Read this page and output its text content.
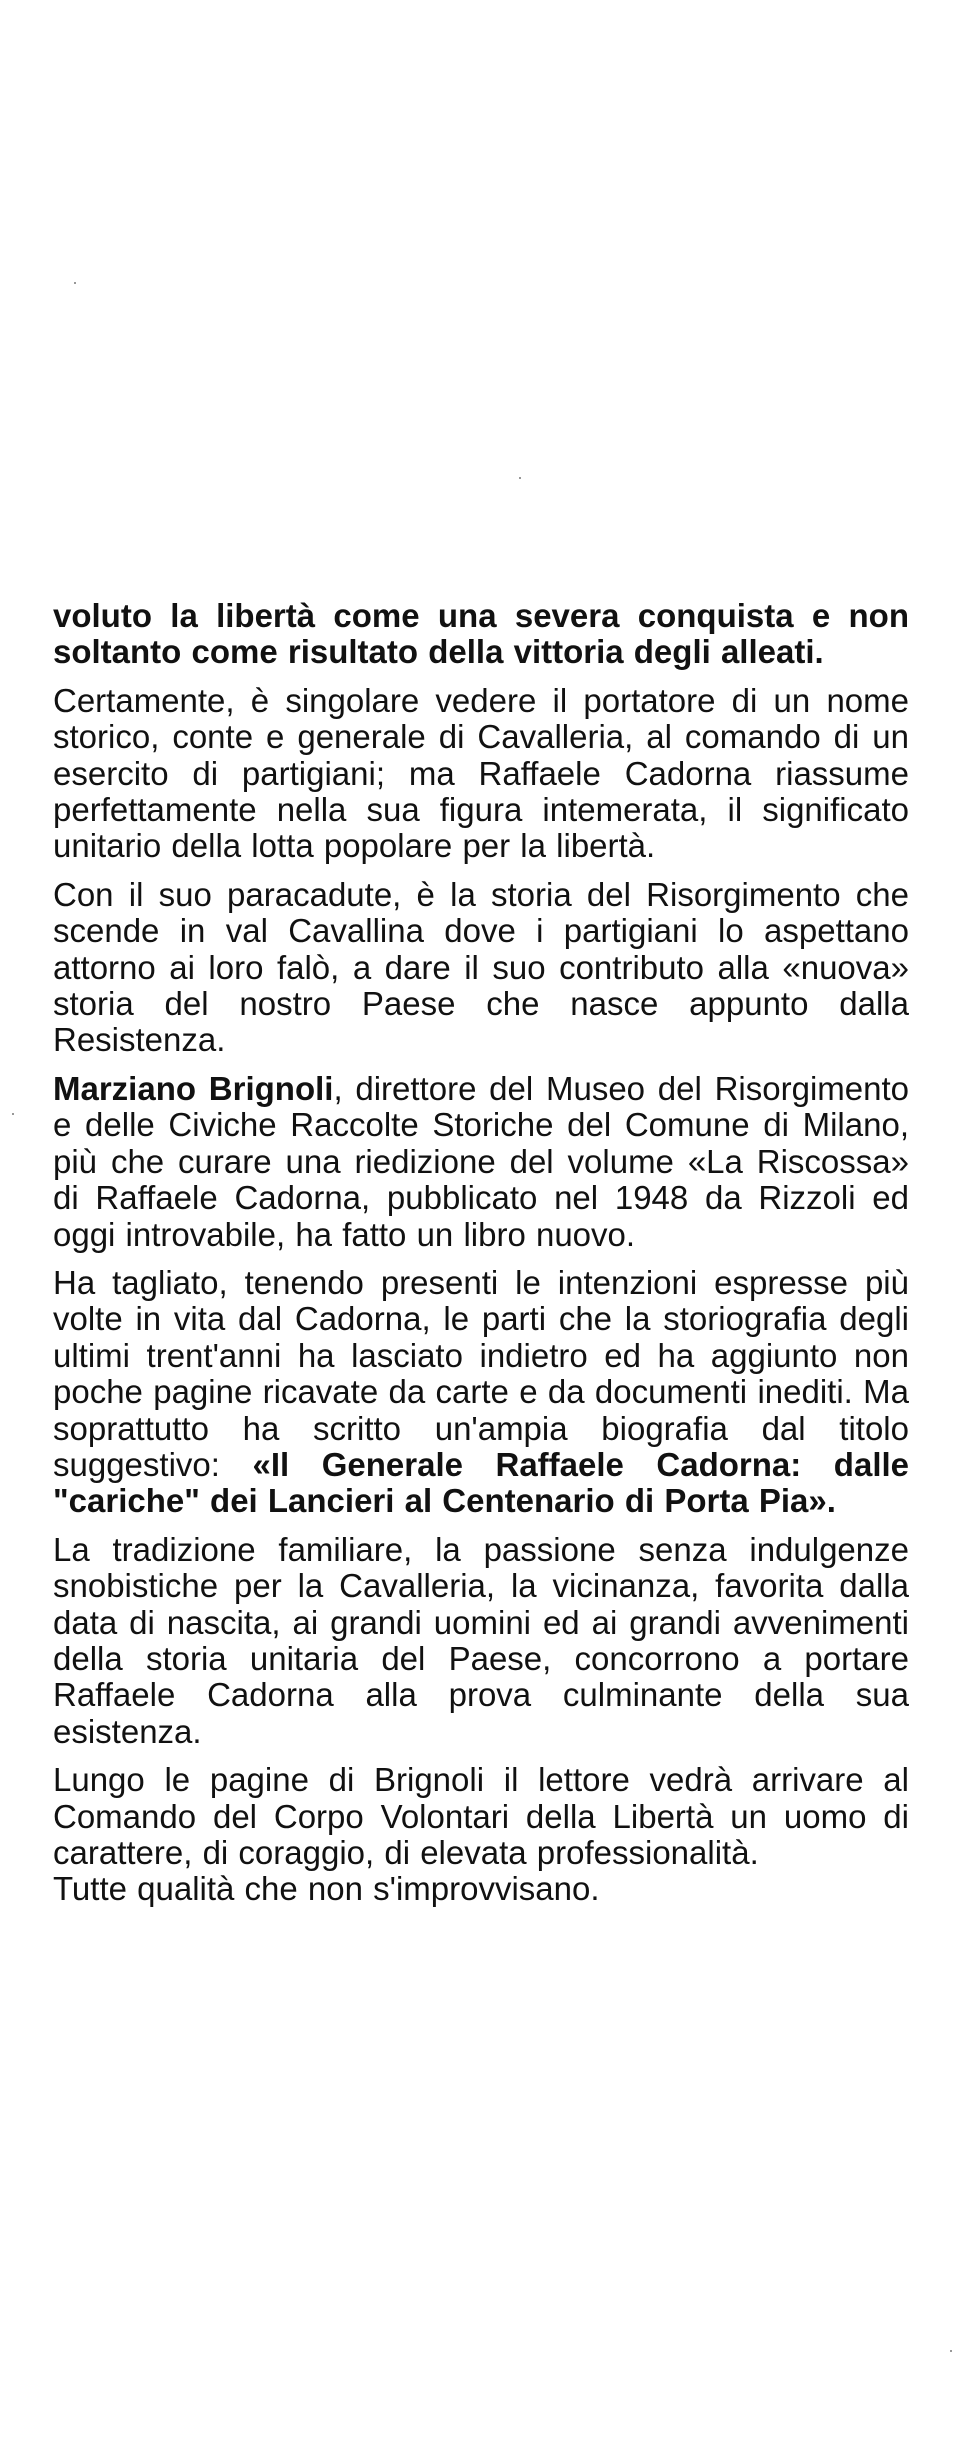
voluto la libertà come una severa conquista e non soltanto come risultato della vittoria degli alleati.

Certamente, è singolare vedere il portatore di un nome storico, conte e generale di Cavalleria, al comando di un esercito di partigiani; ma Raffaele Cadorna riassume perfettamente nella sua figura intemerata, il significato unitario della lotta popolare per la libertà.

Con il suo paracadute, è la storia del Risorgimento che scende in val Cavallina dove i partigiani lo aspettano attorno ai loro falò, a dare il suo contributo alla «nuova» storia del nostro Paese che nasce appunto dalla Resistenza.

Marziano Brignoli, direttore del Museo del Risorgimento e delle Civiche Raccolte Storiche del Comune di Milano, più che curare una riedizione del volume «La Riscossa» di Raffaele Cadorna, pubblicato nel 1948 da Rizzoli ed oggi introvabile, ha fatto un libro nuovo.

Ha tagliato, tenendo presenti le intenzioni espresse più volte in vita dal Cadorna, le parti che la storiografia degli ultimi trent'anni ha lasciato indietro ed ha aggiunto non poche pagine ricavate da carte e da documenti inediti. Ma soprattutto ha scritto un'ampia biografia dal titolo suggestivo: «Il Generale Raffaele Cadorna: dalle "cariche" dei Lancieri al Centenario di Porta Pia».

La tradizione familiare, la passione senza indulgenze snobistiche per la Cavalleria, la vicinanza, favorita dalla data di nascita, ai grandi uomini ed ai grandi avvenimenti della storia unitaria del Paese, concorrono a portare Raffaele Cadorna alla prova culminante della sua esistenza.

Lungo le pagine di Brignoli il lettore vedrà arrivare al Comando del Corpo Volontari della Libertà un uomo di carattere, di coraggio, di elevata professionalità.

Tutte qualità che non s'improvvisano.
